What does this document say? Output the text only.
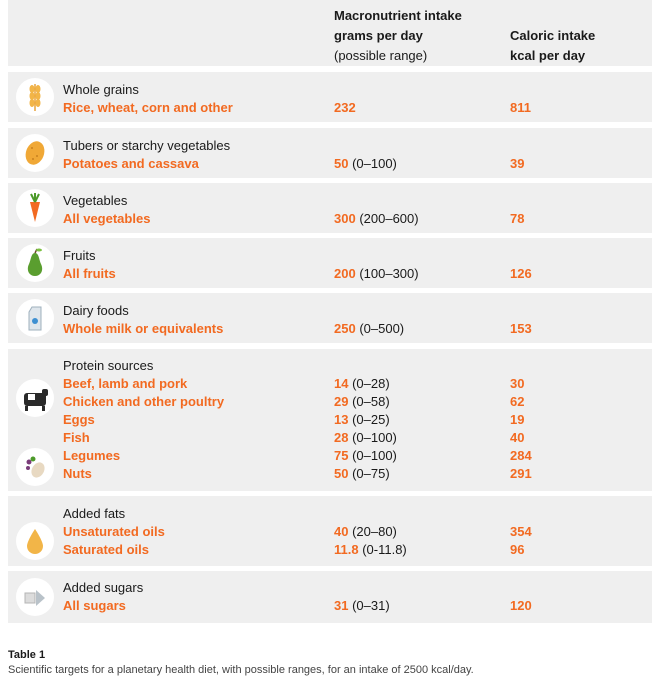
Macronutrient intake
grams per day
(possible range)
Caloric intake
kcal per day
Whole grains
Rice, wheat, corn and other	232	811
Tubers or starchy vegetables
Potatoes and cassava	50 (0–100)	39
Vegetables
All vegetables	300 (200–600)	78
Fruits
All fruits	200 (100–300)	126
Dairy foods
Whole milk or equivalents	250 (0–500)	153
Protein sources
Beef, lamb and pork	14 (0–28)	30
Chicken and other poultry	29 (0–58)	62
Eggs	13 (0–25)	19
Fish	28 (0–100)	40
Legumes	75 (0–100)	284
Nuts	50 (0–75)	291
Added fats
Unsaturated oils	40 (20–80)	354
Saturated oils	11.8 (0-11.8)	96
Added sugars
All sugars	31 (0–31)	120
Table 1
Scientific targets for a planetary health diet, with possible ranges, for an intake of 2500 kcal/day.
